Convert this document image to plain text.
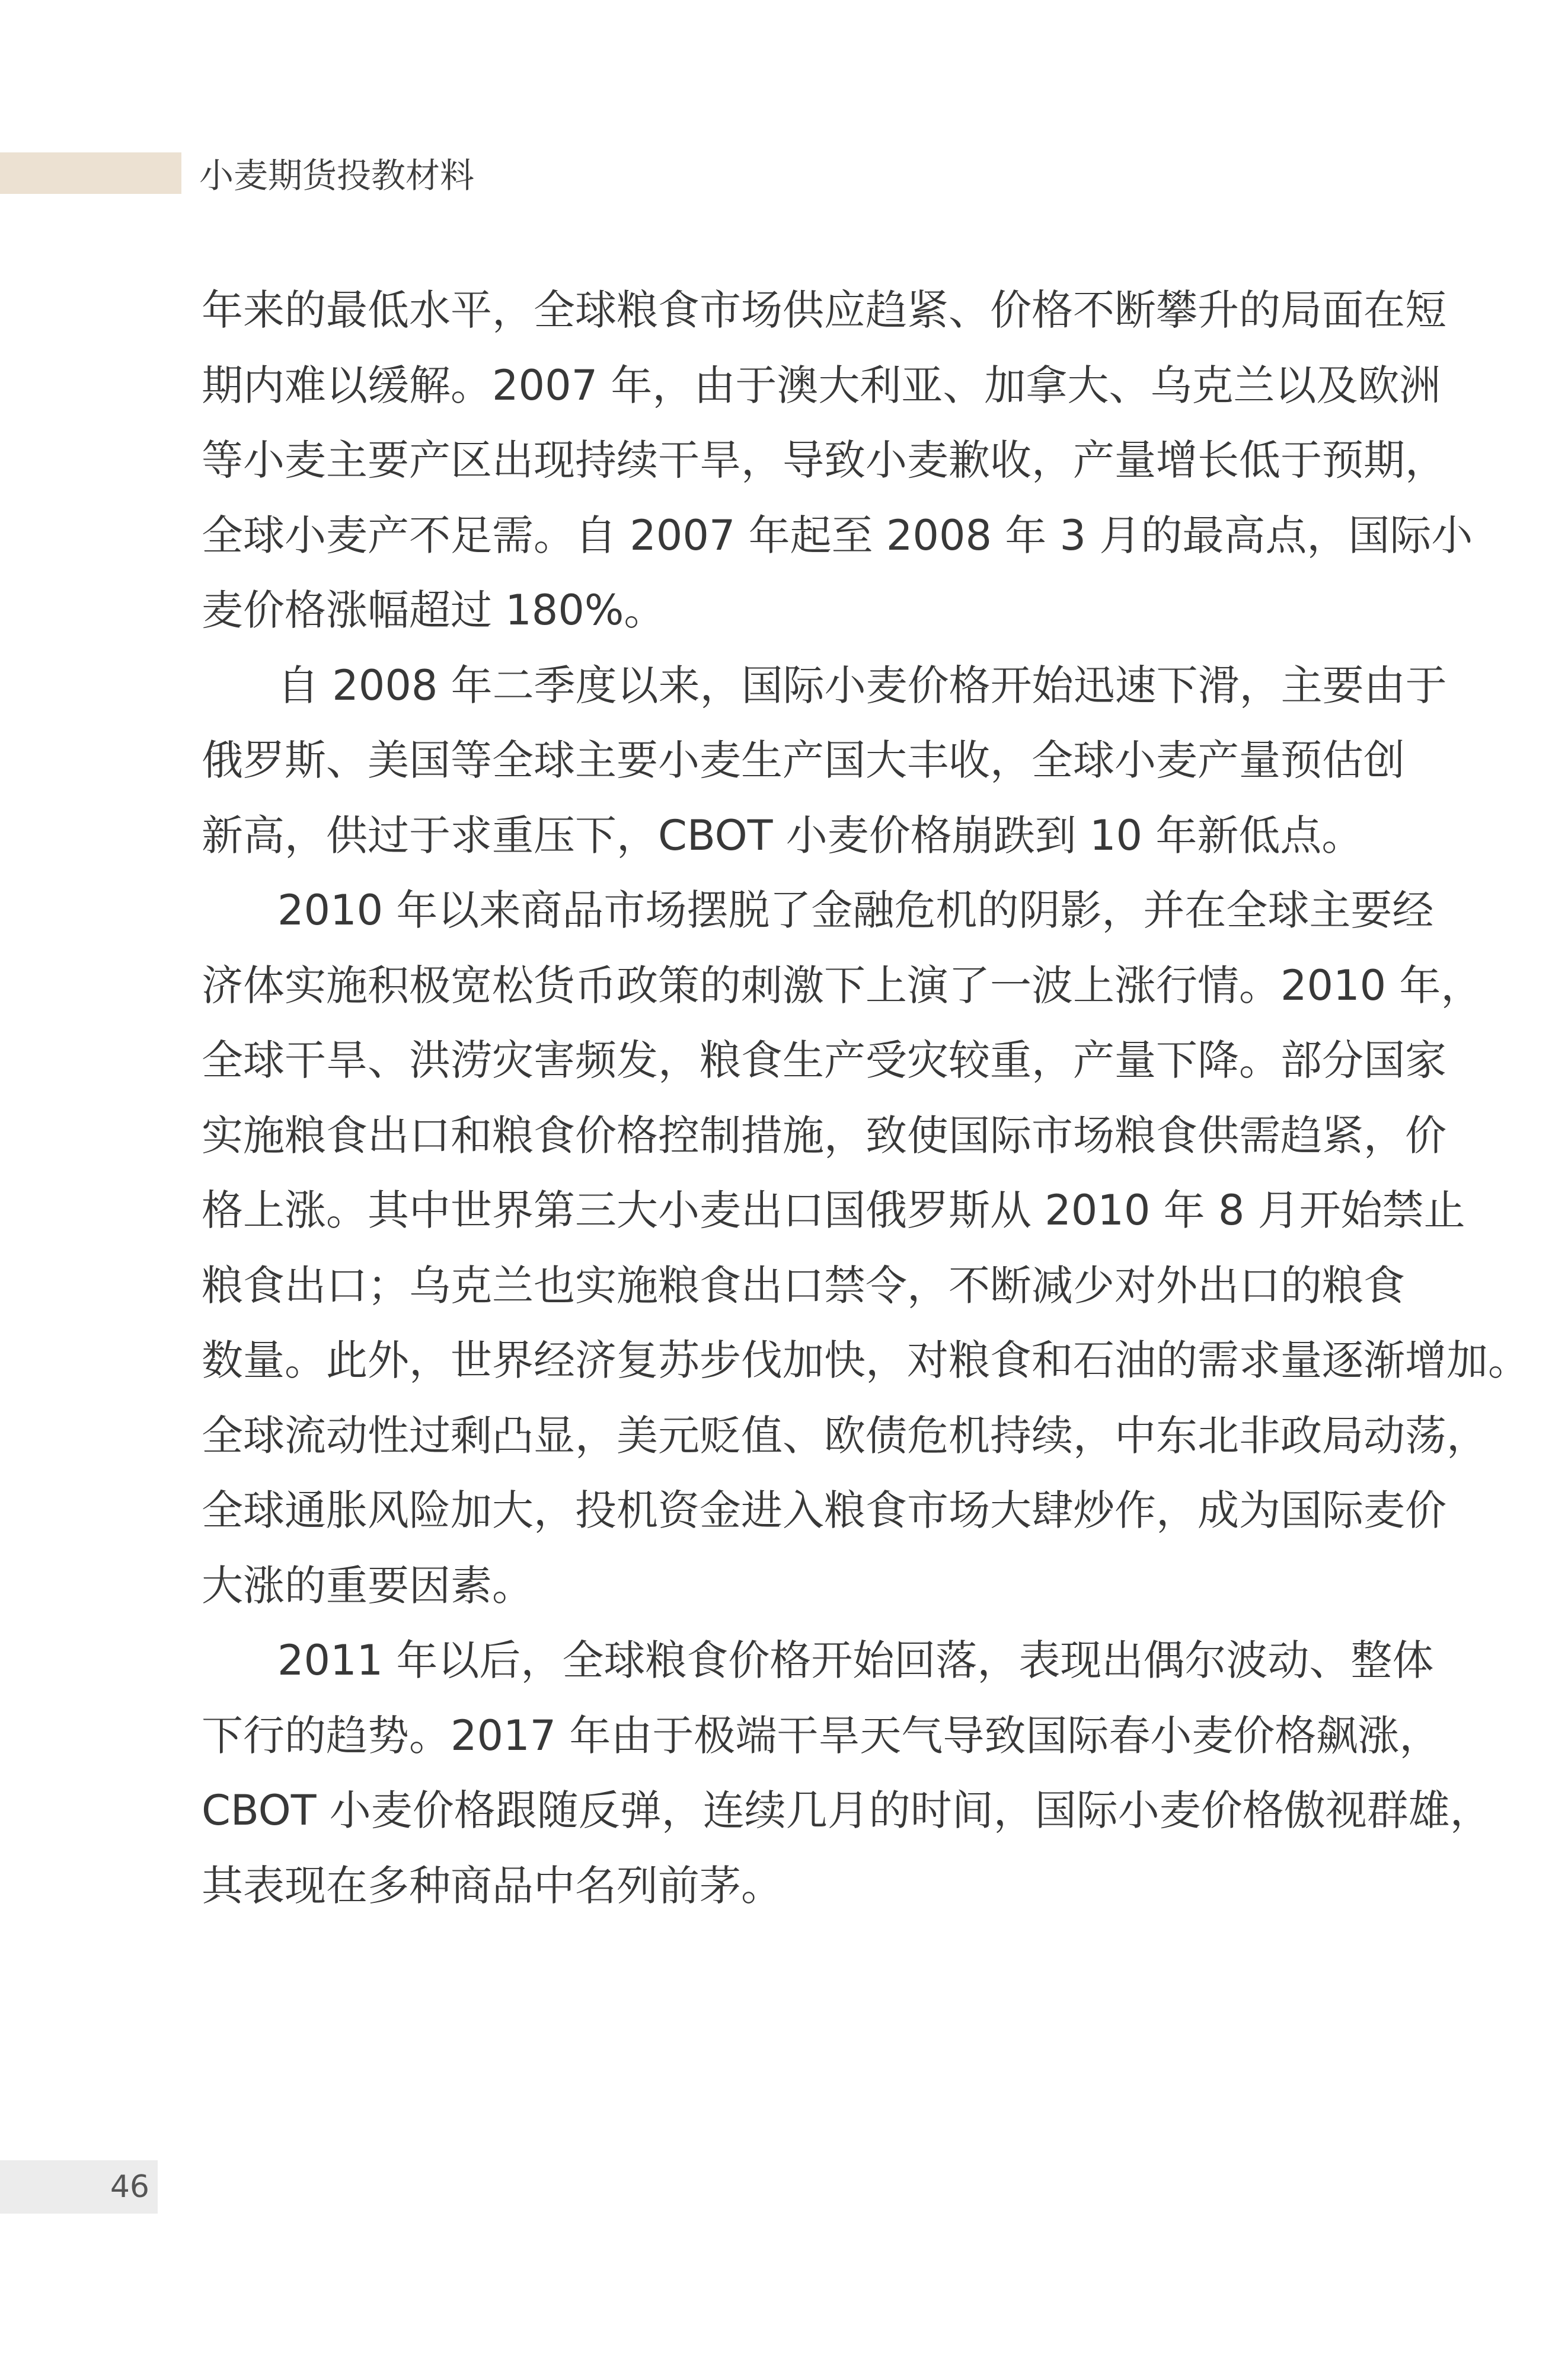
小麦期货投教材料
年来的最低水平，全球粮食市场供应趋紧、价格不断攀升的局面在短
期内难以缓解。2007 年，由于澳大利亚、加拿大、乌克兰以及欧洲
等小麦主要产区出现持续干旱，导致小麦歉收，产量增长低于预期，
全球小麦产不足需。自 2007 年起至 2008 年 3 月的最高点，国际小
麦价格涨幅超过 180%。
自 2008 年二季度以来，国际小麦价格开始迅速下滑，主要由于
俄罗斯、美国等全球主要小麦生产国大丰收，全球小麦产量预估创
新高，供过于求重压下，CBOT 小麦价格崩跌到 10 年新低点。
2010 年以来商品市场摆脱了金融危机的阴影，并在全球主要经
济体实施积极宽松货币政策的刺激下上演了一波上涨行情。2010 年，
全球干旱、洪涝灾害频发，粮食生产受灾较重，产量下降。部分国家
实施粮食出口和粮食价格控制措施，致使国际市场粮食供需趋紧，价
格上涨。其中世界第三大小麦出口国俄罗斯从 2010 年 8 月开始禁止
粮食出口；乌克兰也实施粮食出口禁令，不断减少对外出口的粮食
数量。此外，世界经济复苏步伐加快，对粮食和石油的需求量逐渐增加。
全球流动性过剩凸显，美元贬值、欧债危机持续，中东北非政局动荡，
全球通胀风险加大，投机资金进入粮食市场大肆炒作，成为国际麦价
大涨的重要因素。
2011 年以后，全球粮食价格开始回落，表现出偶尔波动、整体
下行的趋势。2017 年由于极端干旱天气导致国际春小麦价格飙涨，
CBOT 小麦价格跟随反弹，连续几月的时间，国际小麦价格傲视群雄，
其表现在多种商品中名列前茅。
46
